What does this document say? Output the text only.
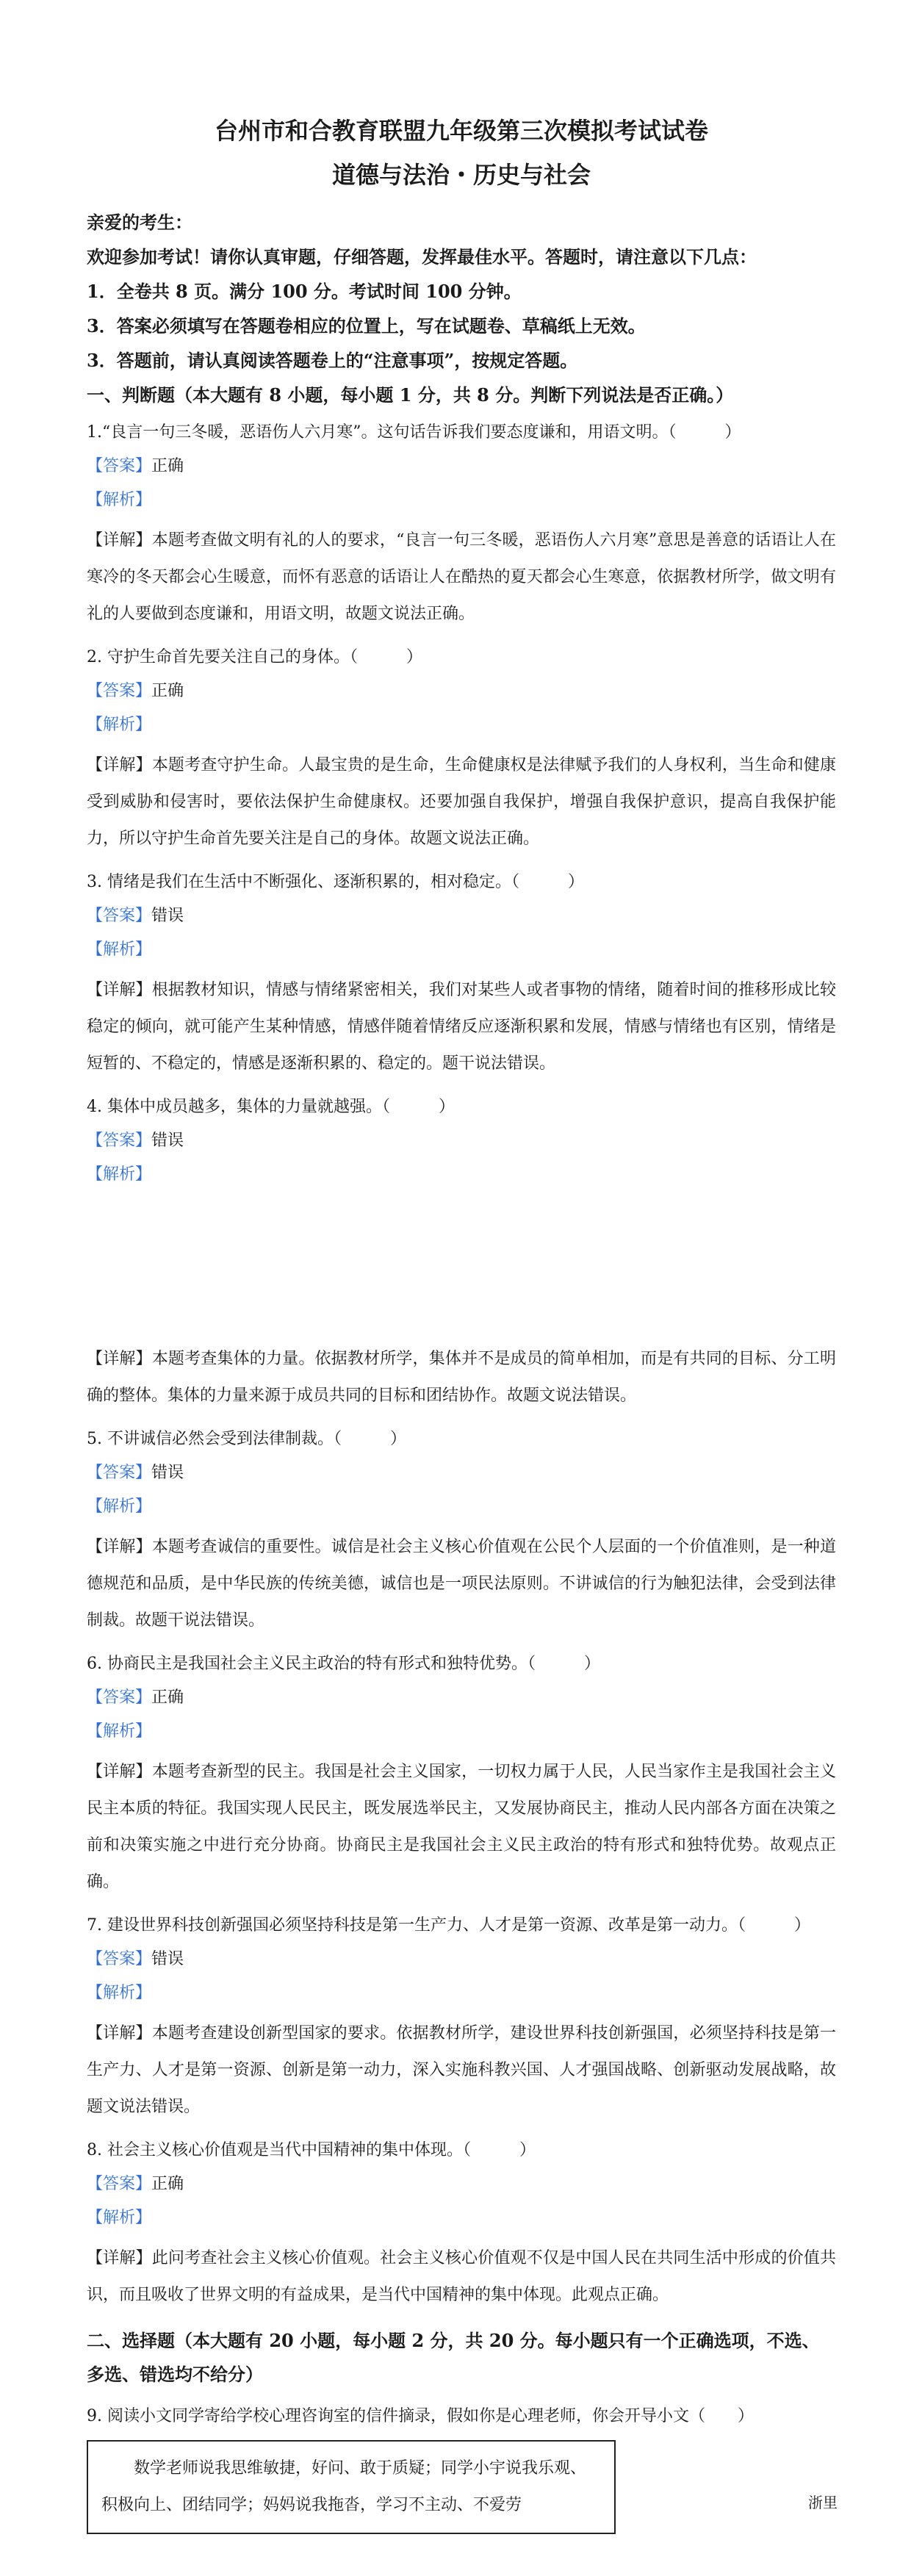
台州市和合教育联盟九年级第三次模拟考试试卷
道德与法治・历史与社会
亲爱的考生：
欢迎参加考试！请你认真审题，仔细答题，发挥最佳水平。答题时，请注意以下几点：
1．全卷共 8 页。满分 100 分。考试时间 100 分钟。
3．答案必须填写在答题卷相应的位置上，写在试题卷、草稿纸上无效。
3．答题前，请认真阅读答题卷上的“注意事项”，按规定答题。
一、判断题（本大题有 8 小题，每小题 1 分，共 8 分。判断下列说法是否正确。）
1.“良言一句三冬暖，恶语伤人六月寒”。这句话告诉我们要态度谦和，用语文明。（　　　）
【答案】正确
【解析】
【详解】本题考查做文明有礼的人的要求，“良言一句三冬暖，恶语伤人六月寒”意思是善意的话语让人在寒冷的冬天都会心生暖意，而怀有恶意的话语让人在酷热的夏天都会心生寒意，依据教材所学，做文明有礼的人要做到态度谦和，用语文明，故题文说法正确。
2. 守护生命首先要关注自己的身体。（　　　）
【答案】正确
【解析】
【详解】本题考查守护生命。人最宝贵的是生命，生命健康权是法律赋予我们的人身权利，当生命和健康受到威胁和侵害时，要依法保护生命健康权。还要加强自我保护，增强自我保护意识，提高自我保护能力，所以守护生命首先要关注是自己的身体。故题文说法正确。
3. 情绪是我们在生活中不断强化、逐渐积累的，相对稳定。（　　　）
【答案】错误
【解析】
【详解】根据教材知识，情感与情绪紧密相关，我们对某些人或者事物的情绪，随着时间的推移形成比较稳定的倾向，就可能产生某种情感，情感伴随着情绪反应逐渐积累和发展，情感与情绪也有区别，情绪是短暂的、不稳定的，情感是逐渐积累的、稳定的。题干说法错误。
4. 集体中成员越多，集体的力量就越强。（　　　）
【答案】错误
【解析】
【详解】本题考查集体的力量。依据教材所学，集体并不是成员的简单相加，而是有共同的目标、分工明确的整体。集体的力量来源于成员共同的目标和团结协作。故题文说法错误。
5. 不讲诚信必然会受到法律制裁。（　　　）
【答案】错误
【解析】
【详解】本题考查诚信的重要性。诚信是社会主义核心价值观在公民个人层面的一个价值准则，是一种道德规范和品质，是中华民族的传统美德，诚信也是一项民法原则。不讲诚信的行为触犯法律，会受到法律制裁。故题干说法错误。
6. 协商民主是我国社会主义民主政治的特有形式和独特优势。（　　　）
【答案】正确
【解析】
【详解】本题考查新型的民主。我国是社会主义国家，一切权力属于人民，人民当家作主是我国社会主义民主本质的特征。我国实现人民民主，既发展选举民主，又发展协商民主，推动人民内部各方面在决策之前和决策实施之中进行充分协商。协商民主是我国社会主义民主政治的特有形式和独特优势。故观点正确。
7. 建设世界科技创新强国必须坚持科技是第一生产力、人才是第一资源、改革是第一动力。（　　　）
【答案】错误
【解析】
【详解】本题考查建设创新型国家的要求。依据教材所学，建设世界科技创新强国，必须坚持科技是第一生产力、人才是第一资源、创新是第一动力，深入实施科教兴国、人才强国战略、创新驱动发展战略，故题文说法错误。
8. 社会主义核心价值观是当代中国精神的集中体现。（　　　）
【答案】正确
【解析】
【详解】此问考查社会主义核心价值观。社会主义核心价值观不仅是中国人民在共同生活中形成的价值共识，而且吸收了世界文明的有益成果，是当代中国精神的集中体现。此观点正确。
二、选择题（本大题有 20 小题，每小题 2 分，共 20 分。每小题只有一个正确选项，不选、多选、错选均不给分）
9. 阅读小文同学寄给学校心理咨询室的信件摘录，假如你是心理老师，你会开导小文（　　）
数学老师说我思维敏捷，好问、敢于质疑；同学小宇说我乐观、积极向上、团结同学；妈妈说我拖沓，学习不主动、不爱劳	浙里
